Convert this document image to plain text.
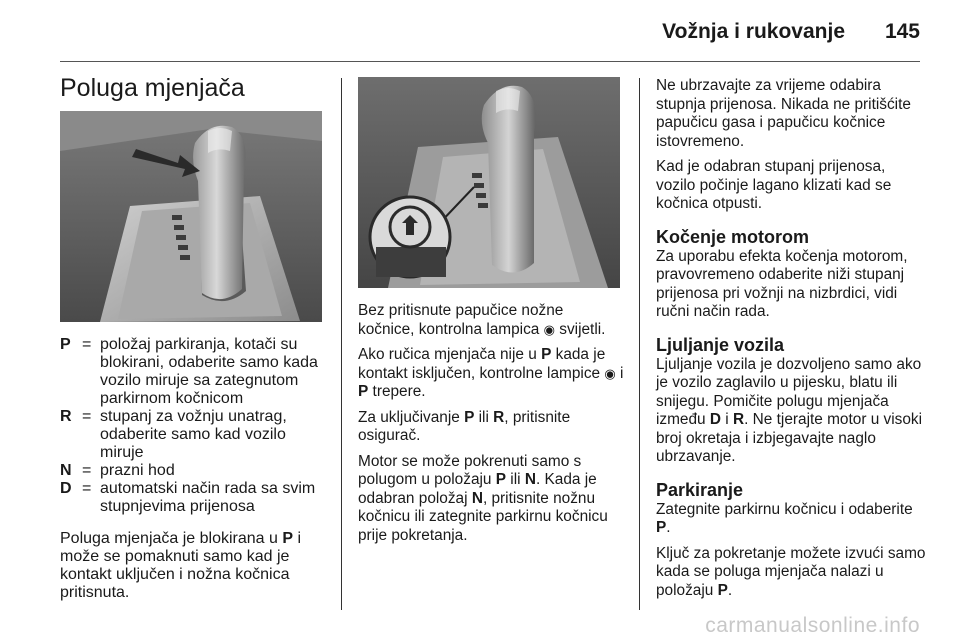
Vožnja i rukovanje 145
Poluga mjenjača
P = položaj parkiranja, kotači su blokirani, odaberite samo kada vozilo miruje sa zategnutom parkirnom kočnicom
R = stupanj za vožnju unatrag, odaberite samo kad vozilo miruje
N = prazni hod
D = automatski način rada sa svim stupnjevima prijenosa

Poluga mjenjača je blokirana u P i može se pomaknuti samo kad je kontakt uključen i nožna kočnica pritisnuta.

Bez pritisnute papučice nožne kočnice, kontrolna lampica ◉ svijetli.

Ako ručica mjenjača nije u P kada je kontakt isključen, kontrolne lampice ◉ i P trepere.

Za uključivanje P ili R, pritisnite osigurač.

Motor se može pokrenuti samo s polugom u položaju P ili N. Kada je odabran položaj N, pritisnite nožnu kočnicu ili zategnite parkirnu kočnicu prije pokretanja.

Ne ubrzavajte za vrijeme odabira stupnja prijenosa. Nikada ne pritišćite papučicu gasa i papučicu kočnice istovremeno.

Kad je odabran stupanj prijenosa, vozilo počinje lagano klizati kad se kočnica otpusti.

Kočenje motorom

Za uporabu efekta kočenja motorom, pravovremeno odaberite niži stupanj prijenosa pri vožnji na nizbrdici, vidi ručni način rada.

Ljuljanje vozila

Ljuljanje vozila je dozvoljeno samo ako je vozilo zaglavilo u pijesku, blatu ili snijegu. Pomičite polugu mjenjača između D i R. Ne tjerajte motor u visoki broj okretaja i izbjegavajte naglo ubrzavanje.

Parkiranje

Zategnite parkirnu kočnicu i odaberite P.

Ključ za pokretanje možete izvući samo kada se poluga mjenjača nalazi u položaju P.

carmanualsonline.info
